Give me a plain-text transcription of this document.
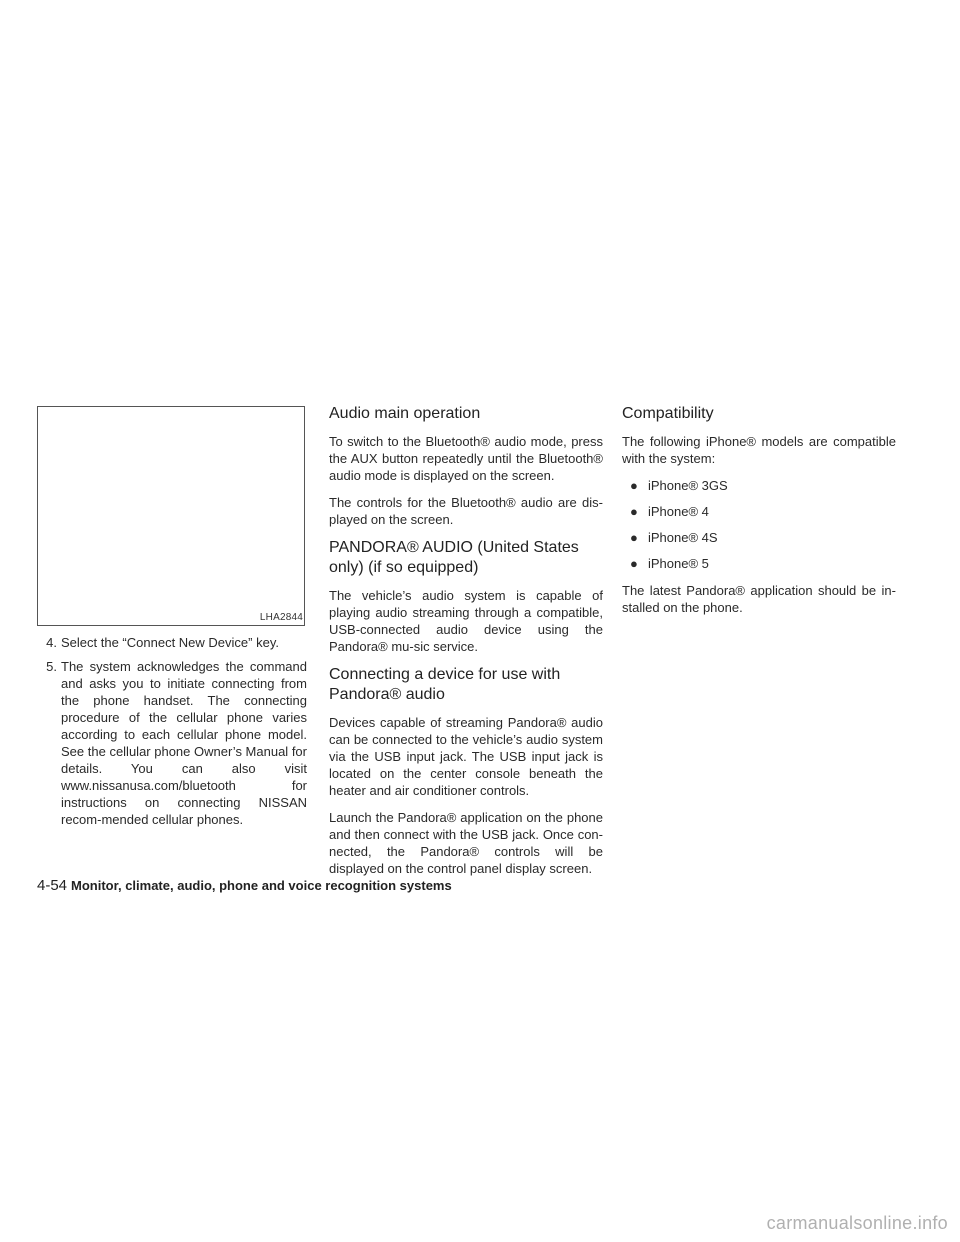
LHA2844
4. Select the “Connect New Device” key.
5. The system acknowledges the command and asks you to initiate connecting from the phone handset. The connecting procedure of the cellular phone varies according to each cellular phone model. See the cellular phone Owner’s Manual for details. You can also visit www.nissanusa.com/bluetooth for instructions on connecting NISSAN recom-mended cellular phones.
Audio main operation

To switch to the Bluetooth® audio mode, press the AUX button repeatedly until the Bluetooth® audio mode is displayed on the screen.

The controls for the Bluetooth® audio are dis-played on the screen.

PANDORA® AUDIO (United States only) (if so equipped)

The vehicle’s audio system is capable of playing audio streaming through a compatible, USB-connected audio device using the Pandora® mu-sic service.

Connecting a device for use with Pandora® audio

Devices capable of streaming Pandora® audio can be connected to the vehicle’s audio system via the USB input jack. The USB input jack is located on the center console beneath the heater and air conditioner controls.

Launch the Pandora® application on the phone and then connect with the USB jack. Once con-nected, the Pandora® controls will be displayed on the control panel display screen.

Compatibility

The following iPhone® models are compatible with the system:

● iPhone® 3GS
● iPhone® 4
● iPhone® 4S
● iPhone® 5

The latest Pandora® application should be in-stalled on the phone.

4-54 Monitor, climate, audio, phone and voice recognition systems
carmanualsonline.info
